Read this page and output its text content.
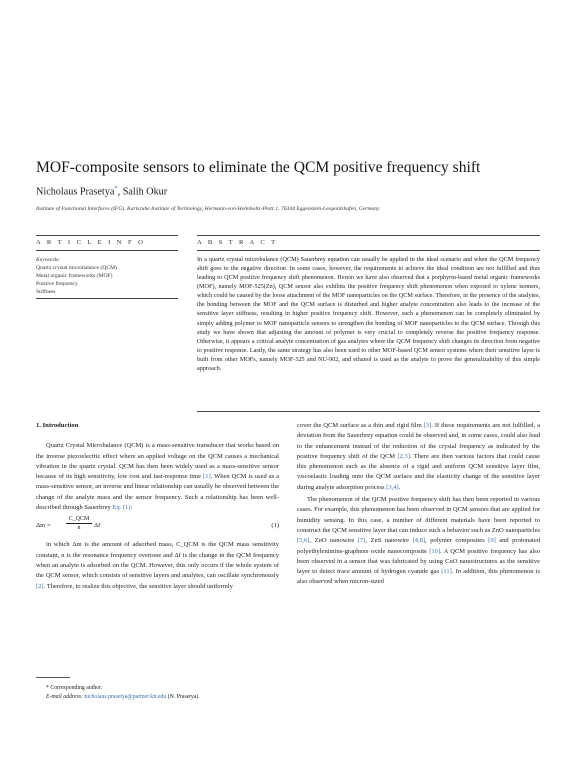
MOF-composite sensors to eliminate the QCM positive frequency shift
Nicholaus Prasetya*, Salih Okur
Institute of Functional Interfaces (IFG), Karlsruhe Institute of Technology, Hermann-von-Helmholtz-Platz 1, 76344 Eggenstein-Leopoldshafen, Germany
A R T I C L E I N F O	A B S T R A C T
Keywords:
Quartz crystal microbalance (QCM)
Metal organic frameworks (MOF)
Positive frequency
Stiffness
In a quartz crystal microbalance (QCM) Sauerbrey equation can usually be applied in the ideal scenario and when the QCM frequency shift goes to the negative direction. In some cases, however, the requirements to achieve the ideal condition are not fulfilled and thus leading to QCM positive frequency shift phenomenon. Herein we have also observed that a porphyrin-based metal organic frameworks (MOF), namely MOF-525(Zn), QCM sensor also exhibits the positive frequency shift phenomenon when exposed to xylene isomers, which could be caused by the loose attachment of the MOF nanoparticles on the QCM surface. Therefore, in the presence of the analytes, the bonding between the MOF and the QCM surface is disturbed and higher analyte concentration also leads to the increase of the sensitive layer stiffness, resulting in higher positive frequency shift. However, such a phenomenon can be completely eliminated by simply adding polymer to MOF nanoparticle sensors to strengthen the bonding of MOF nanoparticles to the QCM surface. Through this study we have shown that adjusting the amount of polymer is very crucial to completely reverse the positive frequency response. Otherwise, it appears a critical analyte concentration of gas analytes where the QCM frequency shift changes its direction from negative to positive response. Lastly, the same strategy has also been used to other MOF-based QCM sensor systems where their sensitive layer is built from other MOFs, namely MOF-525 and NU-902, and ethanol is used as the analyte to prove the generalizability of this simple approach.

1. Introduction

Quartz Crystal Microbalance (QCM) is a mass-sensitive transducer that works based on the inverse piezoelectric effect where an applied voltage on the QCM causes a mechanical vibration in the quartz crystal. QCM has then been widely used as a mass-sensitive sensor because of its high sensitivity, low cost and fast-response time [1]. When QCM is used as a mass-sensitive sensor, an inverse and linear relationship can usually be observed between the change of the analyte mass and the sensor frequency. Such a relationship has been well-described through Sauerbrey Eq. (1):

Δm =
C_QCM
n	Δf	(1)

in which Δm is the amount of adsorbed mass, C_QCM is the QCM mass sensitivity constant, n is the resonance frequency overtone and Δf is the change in the QCM frequency when an analyte is adsorbed on the QCM. However, this only occurs if the whole system of the QCM sensor, which consists of sensitive layers and analytes, can oscillate synchronously [2]. Therefore, to realize this objective, the sensitive layer should uniformly

cover the QCM surface as a thin and rigid film [3]. If these requirements are not fulfilled, a deviation from the Sauerbrey equation could be observed and, in some cases, could also lead to the enhancement instead of the reduction of the crystal frequency as indicated by the positive frequency shift of the QCM [2,3]. There are then various factors that could cause this phenomenon such as the absence of a rigid and uniform QCM sensitive layer film, viscoelastic loading onto the QCM surface and the elasticity change of the sensitive layer during analyte adsorption process [3,4].

The phenomenon of the QCM positive frequency shift has then been reported in various cases. For example, this phenomenon has been observed in QCM sensors that are applied for humidity sensing. In this case, a number of different materials have been reported to construct the QCM sensitive layer that can induce such a behavior such as ZnO nanoparticles [5,6], ZnO nanowire [7], ZnS nanowire [4,8], polymer composites [9] and protonated polyethylenimine-graphene oxide nanocomposite [10]. A QCM positive frequency has also been observed in a sensor that was fabricated by using CuO nanostructures as the sensitive layer to detect trace amount of hydrogen cyanide gas [11]. In addition, this phenomenon is also observed when micron-sized

* Corresponding author.

E-mail address: nicholaus.prasetya@partner.kit.edu (N. Prasetya).
